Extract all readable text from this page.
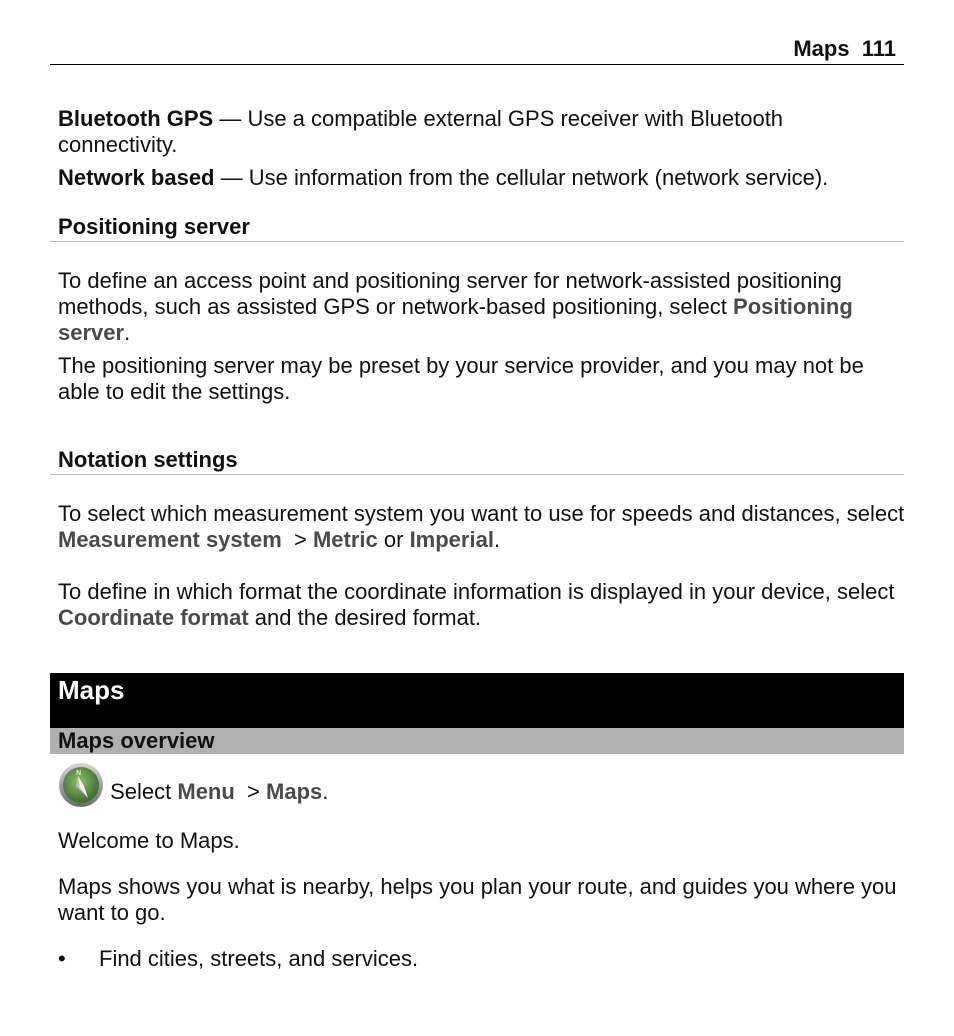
Maps 111
Bluetooth GPS — Use a compatible external GPS receiver with Bluetooth connectivity.
Network based — Use information from the cellular network (network service).
Positioning server
To define an access point and positioning server for network-assisted positioning methods, such as assisted GPS or network-based positioning, select Positioning server.
The positioning server may be preset by your service provider, and you may not be able to edit the settings.
Notation settings
To select which measurement system you want to use for speeds and distances, select Measurement system  > Metric or Imperial.
To define in which format the coordinate information is displayed in your device, select Coordinate format and the desired format.
Maps
Maps overview
N
Select Menu  > Maps.
Welcome to Maps.
Maps shows you what is nearby, helps you plan your route, and guides you where you want to go.
• Find cities, streets, and services.
